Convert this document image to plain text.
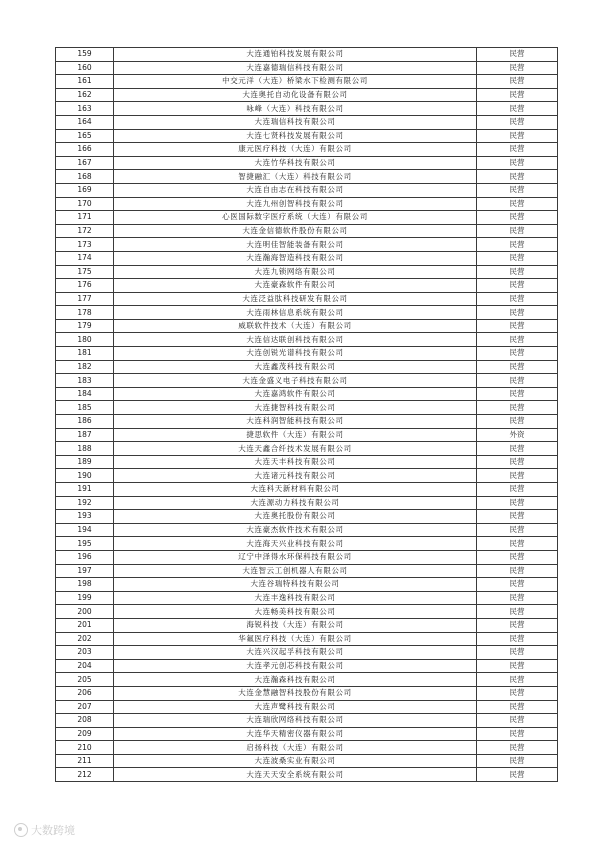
159	大连通铂科技发展有限公司	民营
160	大连嘉德瑞信科技有限公司	民营
161	中交元洋（大连）桥梁水下检测有限公司	民营
162	大连奥托自动化设备有限公司	民营
163	咏峰（大连）科技有限公司	民营
164	大连瑞信科技有限公司	民营
165	大连七贤科技发展有限公司	民营
166	康元医疗科技（大连）有限公司	民营
167	大连竹华科技有限公司	民营
168	智捷融汇（大连）科技有限公司	民营
169	大连自由志在科技有限公司	民营
170	大连九州创智科技有限公司	民营
171	心医国际数字医疗系统（大连）有限公司	民营
172	大连金信德软件股份有限公司	民营
173	大连明佳智能装备有限公司	民营
174	大连瀚海智造科技有限公司	民营
175	大连九锁网络有限公司	民营
176	大连豪森软件有限公司	民营
177	大连泛益肽科技研发有限公司	民营
178	大连雨林信息系统有限公司	民营
179	威联软件技术（大连）有限公司	民营
180	大连信达联创科技有限公司	民营
181	大连创锐光谱科技有限公司	民营
182	大连鑫茂科技有限公司	民营
183	大连金盛义电子科技有限公司	民营
184	大连嘉鸿软件有限公司	民营
185	大连捷智科技有限公司	民营
186	大连科润智能科技有限公司	民营
187	捷思软件（大连）有限公司	外资
188	大连天鑫合纤技术发展有限公司	民营
189	大连天丰科技有限公司	民营
190	大连诸元科技有限公司	民营
191	大连科天新材料有限公司	民营
192	大连源动力科技有限公司	民营
193	大连奥托股份有限公司	民营
194	大连豪杰软件技术有限公司	民营
195	大连海天兴业科技有限公司	民营
196	辽宁中泽得水环保科技有限公司	民营
197	大连智云工创机器人有限公司	民营
198	大连谷瑞特科技有限公司	民营
199	大连丰逸科技有限公司	民营
200	大连畅美科技有限公司	民营
201	海锐科技（大连）有限公司	民营
202	华氟医疗科技（大连）有限公司	民营
203	大连兴汉起孚科技有限公司	民营
204	大连孝元创芯科技有限公司	民营
205	大连瀚森科技有限公司	民营
206	大连金慧融智科技股份有限公司	民营
207	大连声鹭科技有限公司	民营
208	大连瑞欣网络科技有限公司	民营
209	大连华天精密仪器有限公司	民营
210	启扬科技（大连）有限公司	民营
211	大连波桑实业有限公司	民营
212	大连天天安全系统有限公司	民营
大数跨境
